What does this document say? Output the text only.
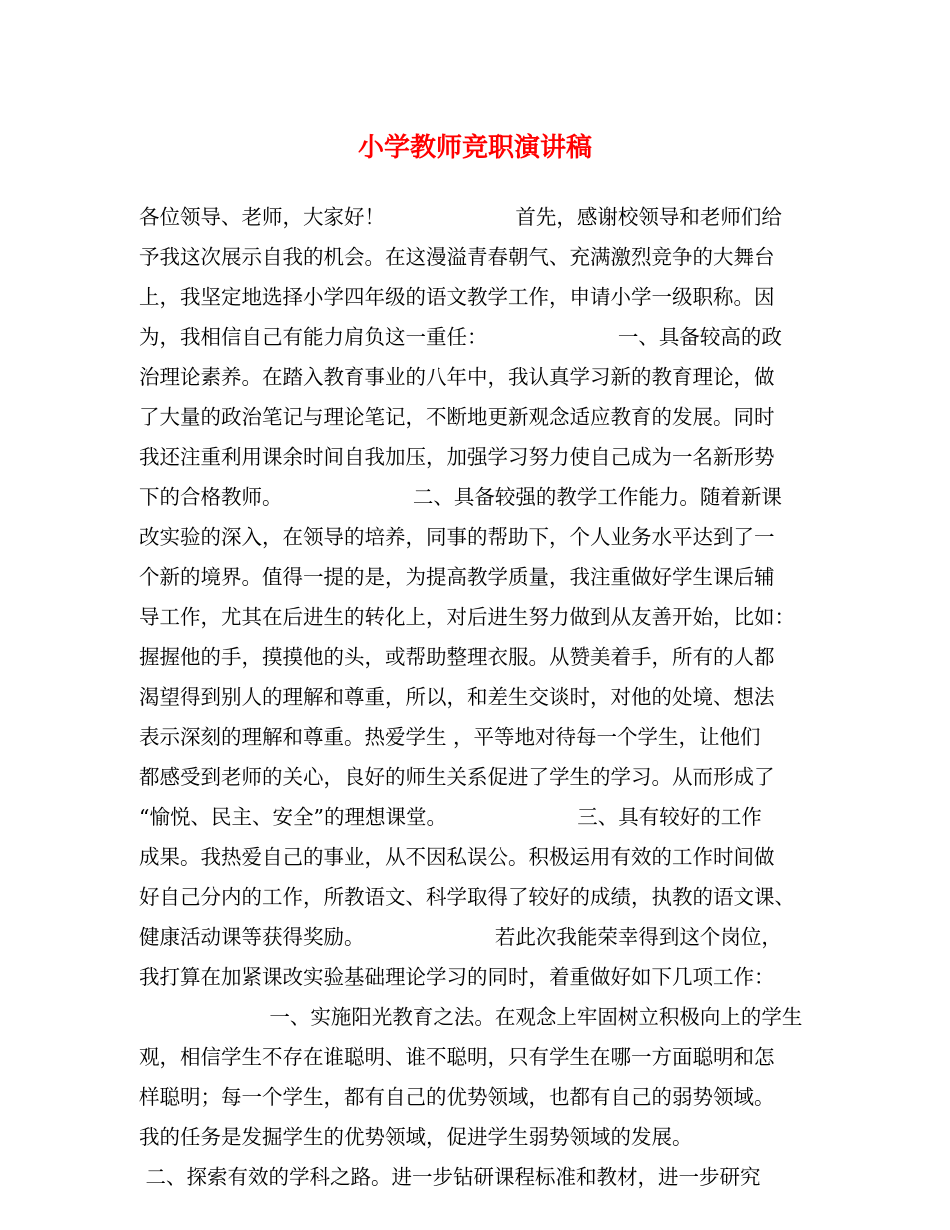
小学教师竞职演讲稿
各位领导、老师，大家好！                    首先，感谢校领导和老师们给
予我这次展示自我的机会。在这漫溢青春朝气、充满激烈竞争的大舞台
上，我坚定地选择小学四年级的语文教学工作，申请小学一级职称。因
为，我相信自己有能力肩负这一重任：                    一、具备较高的政
治理论素养。在踏入教育事业的八年中，我认真学习新的教育理论，做
了大量的政治笔记与理论笔记，不断地更新观念适应教育的发展。同时
我还注重利用课余时间自我加压，加强学习努力使自己成为一名新形势
下的合格教师。                    二、具备较强的教学工作能力。随着新课
改实验的深入，在领导的培养，同事的帮助下，个人业务水平达到了一
个新的境界。值得一提的是，为提高教学质量，我注重做好学生课后辅
导工作，尤其在后进生的转化上，对后进生努力做到从友善开始，比如：
握握他的手，摸摸他的头，或帮助整理衣服。从赞美着手，所有的人都
渴望得到别人的理解和尊重，所以，和差生交谈时，对他的处境、想法
表示深刻的理解和尊重。热爱学生 ，平等地对待每一个学生，让他们
都感受到老师的关心，良好的师生关系促进了学生的学习。从而形成了
“愉悦、民主、安全”的理想课堂。                    三、具有较好的工作
成果。我热爱自己的事业，从不因私误公。积极运用有效的工作时间做
好自己分内的工作，所教语文、科学取得了较好的成绩，执教的语文课、
健康活动课等获得奖励。                    若此次我能荣幸得到这个岗位，
我打算在加紧课改实验基础理论学习的同时，着重做好如下几项工作：
一、实施阳光教育之法。在观念上牢固树立积极向上的学生
观，相信学生不存在谁聪明、谁不聪明，只有学生在哪一方面聪明和怎
样聪明；每一个学生，都有自己的优势领域，也都有自己的弱势领域。
我的任务是发掘学生的优势领域，促进学生弱势领域的发展。
二、探索有效的学科之路。进一步钻研课程标准和教材，进一步研究
